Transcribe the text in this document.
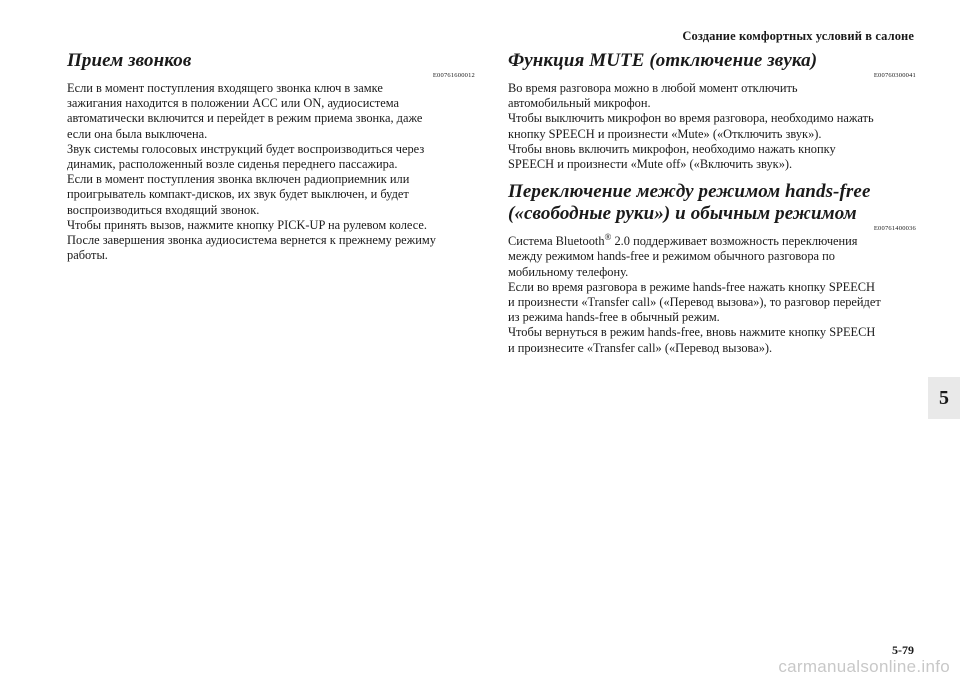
Создание комфортных условий в салоне
Прием звонков
E00761600012

Если в момент поступления входящего звонка ключ в замке
зажигания находится в положении ACC или ON, аудиосистема
автоматически включится и перейдет в режим приема звонка, даже
если она была выключена.
Звук системы голосовых инструкций будет воспроизводиться через
динамик, расположенный возле сиденья переднего пассажира.
Если в момент поступления звонка включен радиоприемник или
проигрыватель компакт-дисков, их звук будет выключен, и будет
воспроизводиться входящий звонок.
Чтобы принять вызов, нажмите кнопку PICK-UP на рулевом колесе.
После завершения звонка аудиосистема вернется к прежнему режиму
работы.

Функция MUTE (отключение звука)
E00760300041

Во время разговора можно в любой момент отключить
автомобильный микрофон.
Чтобы выключить микрофон во время разговора, необходимо нажать
кнопку SPEECH и произнести «Mute» («Отключить звук»).
Чтобы вновь включить микрофон, необходимо нажать кнопку
SPEECH и произнести «Mute off» («Включить звук»).

Переключение между режимом hands-free
(«свободные руки») и обычным режимом
E00761400036

Система Bluetooth® 2.0 поддерживает возможность переключения
между режимом hands-free и режимом обычного разговора по
мобильному телефону.
Если во время разговора в режиме hands-free нажать кнопку SPEECH
и произнести «Transfer call» («Перевод вызова»), то разговор перейдет
из режима hands-free в обычный режим.
Чтобы вернуться в режим hands-free, вновь нажмите кнопку SPEECH
и произнесите «Transfer call» («Перевод вызова»).

5
5-79
carmanualsonline.info
